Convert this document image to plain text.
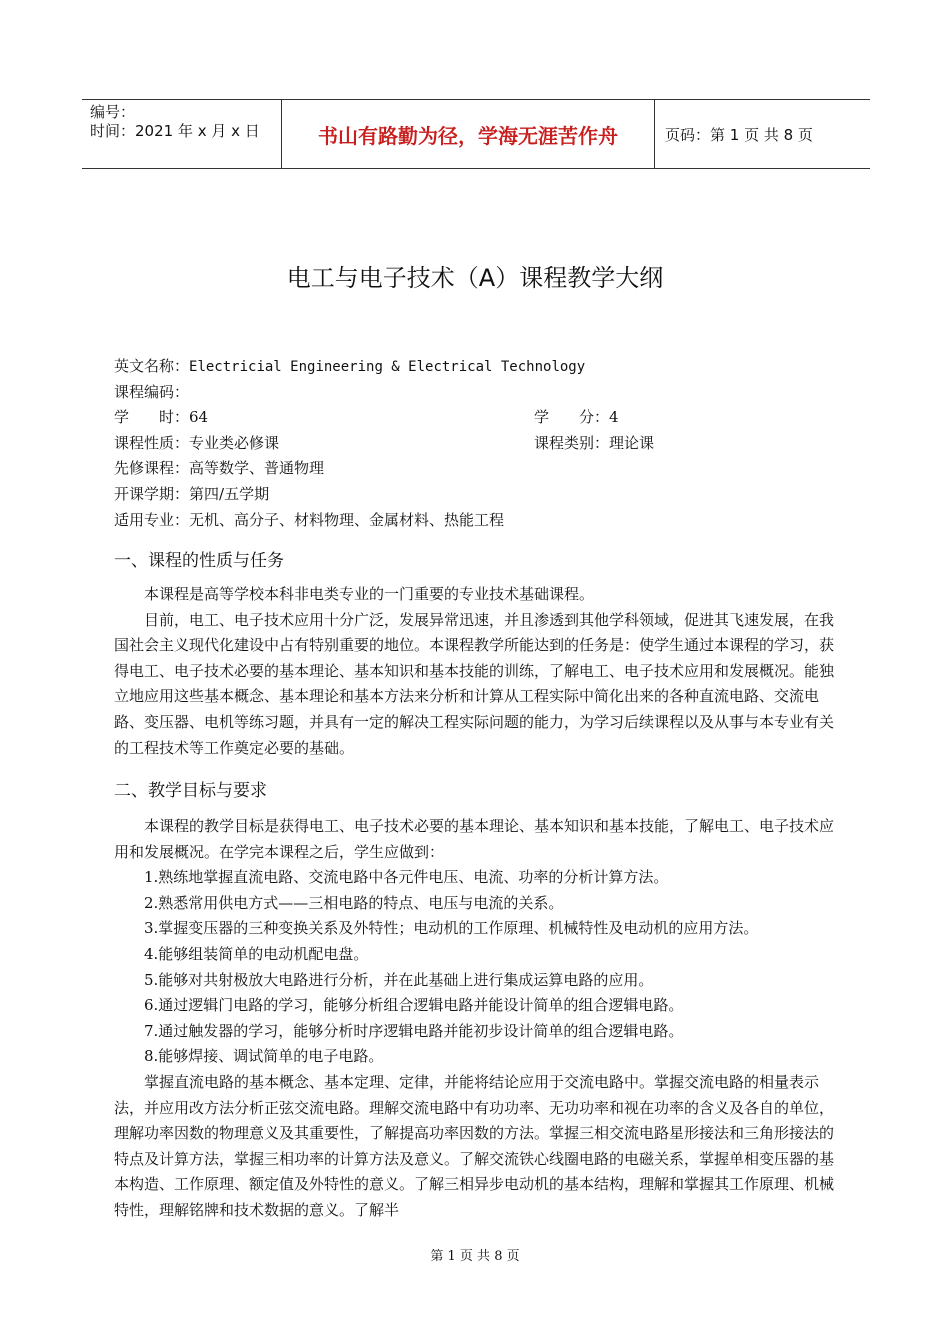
编号：
时间：2021 年 x 月 x 日	书山有路勤为径，学海无涯苦作舟	页码：第 1 页 共 8 页
电工与电子技术（A）课程教学大纲
英文名称：Electricial Engineering & Electrical Technology
课程编码：
学　　时：64	学　　分：4
课程性质：专业类必修课	课程类别：理论课
先修课程：高等数学、普通物理
开课学期：第四/五学期
适用专业：无机、高分子、材料物理、金属材料、热能工程
一、课程的性质与任务

本课程是高等学校本科非电类专业的一门重要的专业技术基础课程。

目前，电工、电子技术应用十分广泛，发展异常迅速，并且渗透到其他学科领域，促进其飞速发展，在我国社会主义现代化建设中占有特别重要的地位。本课程教学所能达到的任务是：使学生通过本课程的学习，获得电工、电子技术必要的基本理论、基本知识和基本技能的训练，了解电工、电子技术应用和发展概况。能独立地应用这些基本概念、基本理论和基本方法来分析和计算从工程实际中简化出来的各种直流电路、交流电路、变压器、电机等练习题，并具有一定的解决工程实际问题的能力，为学习后续课程以及从事与本专业有关的工程技术等工作奠定必要的基础。

二、教学目标与要求

本课程的教学目标是获得电工、电子技术必要的基本理论、基本知识和基本技能，了解电工、电子技术应用和发展概况。在学完本课程之后，学生应做到：

1.熟练地掌握直流电路、交流电路中各元件电压、电流、功率的分析计算方法。

2.熟悉常用供电方式——三相电路的特点、电压与电流的关系。

3.掌握变压器的三种变换关系及外特性；电动机的工作原理、机械特性及电动机的应用方法。

4.能够组装简单的电动机配电盘。

5.能够对共射极放大电路进行分析，并在此基础上进行集成运算电路的应用。

6.通过逻辑门电路的学习，能够分析组合逻辑电路并能设计简单的组合逻辑电路。

7.通过触发器的学习，能够分析时序逻辑电路并能初步设计简单的组合逻辑电路。

8.能够焊接、调试简单的电子电路。

掌握直流电路的基本概念、基本定理、定律，并能将结论应用于交流电路中。掌握交流电路的相量表示法，并应用改方法分析正弦交流电路。理解交流电路中有功功率、无功功率和视在功率的含义及各自的单位，理解功率因数的物理意义及其重要性，了解提高功率因数的方法。掌握三相交流电路星形接法和三角形接法的特点及计算方法，掌握三相功率的计算方法及意义。了解交流铁心线圈电路的电磁关系，掌握单相变压器的基本构造、工作原理、额定值及外特性的意义。了解三相异步电动机的基本结构，理解和掌握其工作原理、机械特性，理解铭牌和技术数据的意义。了解半

第 1 页 共 8 页
